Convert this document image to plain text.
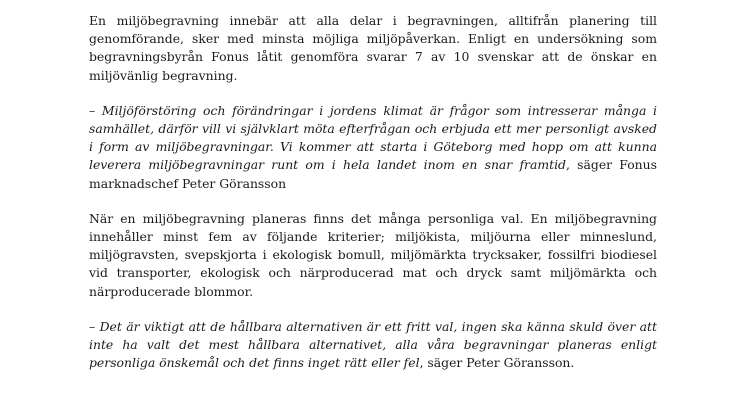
En miljöbegravning innebär att alla delar i begravningen, alltifrån planering till genomförande, sker med minsta möjliga miljöpåverkan. Enligt en undersökning som begravningsbyrån Fonus låtit genomföra svarar 7 av 10 svenskar att de önskar en miljövänlig begravning.

– Miljöförstöring och förändringar i jordens klimat är frågor som intresserar många i samhället, därför vill vi självklart möta efterfrågan och erbjuda ett mer personligt avsked i form av miljöbegravningar. Vi kommer att starta i Göteborg med hopp om att kunna leverera miljöbegravningar runt om i hela landet inom en snar framtid, säger Fonus marknadschef Peter Göransson

När en miljöbegravning planeras finns det många personliga val. En miljöbegravning innehåller minst fem av följande kriterier; miljökista, miljöurna eller minneslund, miljögravsten, svepskjorta i ekologisk bomull, miljömärkta trycksaker, fossilfri biodiesel vid transporter, ekologisk och närproducerad mat och dryck samt miljömärkta och närproducerade blommor.

– Det är viktigt att de hållbara alternativen är ett fritt val, ingen ska känna skuld över att inte ha valt det mest hållbara alternativet, alla våra begravningar planeras enligt personliga önskemål och det finns inget rätt eller fel, säger Peter Göransson.
